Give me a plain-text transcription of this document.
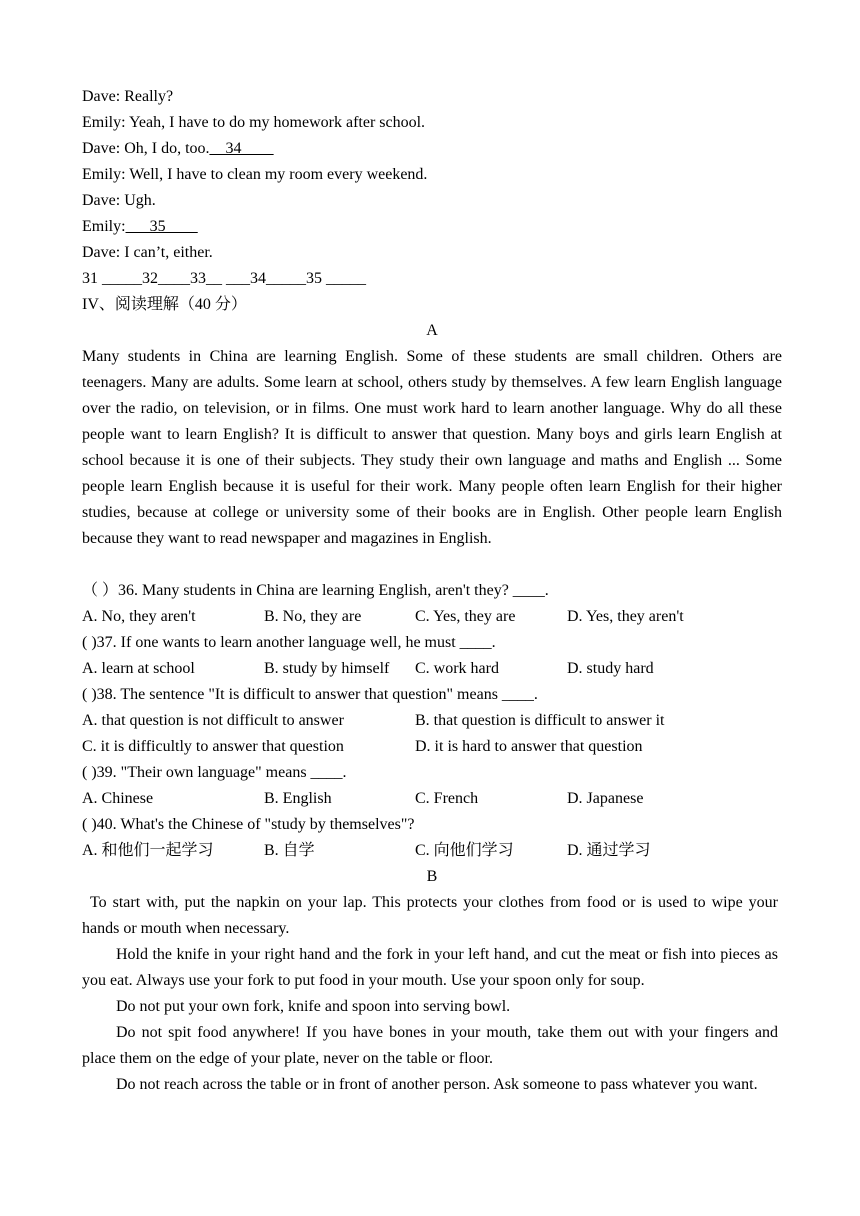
Dave: Really?
Emily: Yeah, I have to do my homework after school.
Dave: Oh, I do, too.__34____
Emily: Well, I have to clean my room every weekend.
Dave: Ugh.
Emily:___35____
Dave: I can’t, either.
31 _____32____33__ ___34_____35 _____
IV、阅读理解（40 分）
A
Many students in China are learning English. Some of these students are small children. Others are teenagers. Many are adults. Some learn at school, others study by themselves. A few learn English language over the radio, on television, or in films. One must work hard to learn another language. Why do all these people want to learn English? It is difficult to answer that question. Many boys and girls learn English at school because it is one of their subjects. They study their own language and maths and English ... Some people learn English because it is useful for their work. Many people often learn English for their higher studies, because at college or university some of their books are in English. Other people learn English because they want to read newspaper and magazines in English.
（ ）36. Many students in China are learning English, aren't they? ____.
A. No, they aren't	B. No, they are	C. Yes, they are	D. Yes, they aren't
( )37. If one wants to learn another language well, he must ____.
A. learn at school	B. study by himself	C. work hard	D. study hard
( )38. The sentence "It is difficult to answer that question" means ____.
A. that question is not difficult to answer	B. that question is difficult to answer it
C. it is difficultly to answer that question	D. it is hard to answer that question
( )39. "Their own language" means ____.
A. Chinese	B. English	C. French	D. Japanese
( )40. What's the Chinese of "study by themselves"?
A. 和他们一起学习	B. 自学	C. 向他们学习	D. 通过学习
B
To start with, put the napkin on your lap. This protects your clothes from food or is used to wipe your hands or mouth when necessary.
Hold the knife in your right hand and the fork in your left hand, and cut the meat or fish into pieces as you eat. Always use your fork to put food in your mouth. Use your spoon only for soup.
Do not put your own fork, knife and spoon into serving bowl.
Do not spit food anywhere! If you have bones in your mouth, take them out with your fingers and place them on the edge of your plate, never on the table or floor.
Do not reach across the table or in front of another person. Ask someone to pass whatever you want.
